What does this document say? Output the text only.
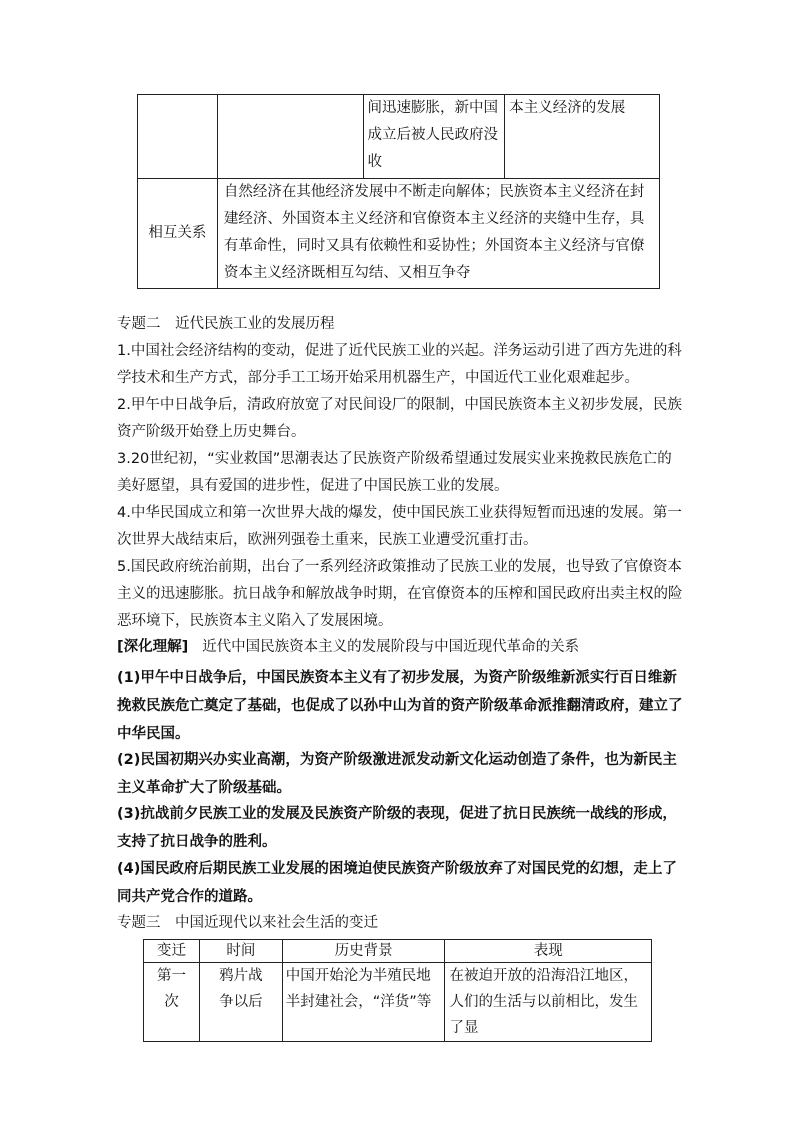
		间迅速膨胀，新中国成立后被人民政府没收	本主义经济的发展

相互关系	自然经济在其他经济发展中不断走向解体；民族资本主义经济在封建经济、外国资本主义经济和官僚资本主义经济的夹缝中生存，具有革命性，同时又具有依赖性和妥协性；外国资本主义经济与官僚资本主义经济既相互勾结、又相互争夺		

专题二　近代民族工业的发展历程

1.中国社会经济结构的变动，促进了近代民族工业的兴起。洋务运动引进了西方先进的科学技术和生产方式，部分手工工场开始采用机器生产，中国近代工业化艰难起步。

2.甲午中日战争后，清政府放宽了对民间设厂的限制，中国民族资本主义初步发展，民族资产阶级开始登上历史舞台。

3.20世纪初，“实业救国”思潮表达了民族资产阶级希望通过发展实业来挽救民族危亡的美好愿望，具有爱国的进步性，促进了中国民族工业的发展。

4.中华民国成立和第一次世界大战的爆发，使中国民族工业获得短暂而迅速的发展。第一次世界大战结束后，欧洲列强卷土重来，民族工业遭受沉重打击。

5.国民政府统治前期，出台了一系列经济政策推动了民族工业的发展，也导致了官僚资本主义的迅速膨胀。抗日战争和解放战争时期，在官僚资本的压榨和国民政府出卖主权的险恶环境下，民族资本主义陷入了发展困境。

[深化理解] 近代中国民族资本主义的发展阶段与中国近现代革命的关系

(1)甲午中日战争后，中国民族资本主义有了初步发展，为资产阶级维新派实行百日维新挽救民族危亡奠定了基础，也促成了以孙中山为首的资产阶级革命派推翻清政府，建立了中华民国。

(2)民国初期兴办实业高潮，为资产阶级激进派发动新文化运动创造了条件，也为新民主主义革命扩大了阶级基础。

(3)抗战前夕民族工业的发展及民族资产阶级的表现，促进了抗日民族统一战线的形成，支持了抗日战争的胜利。

(4)国民政府后期民族工业发展的困境迫使民族资产阶级放弃了对国民党的幻想，走上了同共产党合作的道路。

专题三　中国近现代以来社会生活的变迁

变迁	时间	历史背景	表现
第一次	鸦片战争以后	中国开始沦为半殖民地半封建社会，“洋货”等	在被迫开放的沿海沿江地区，人们的生活与以前相比，发生了显
